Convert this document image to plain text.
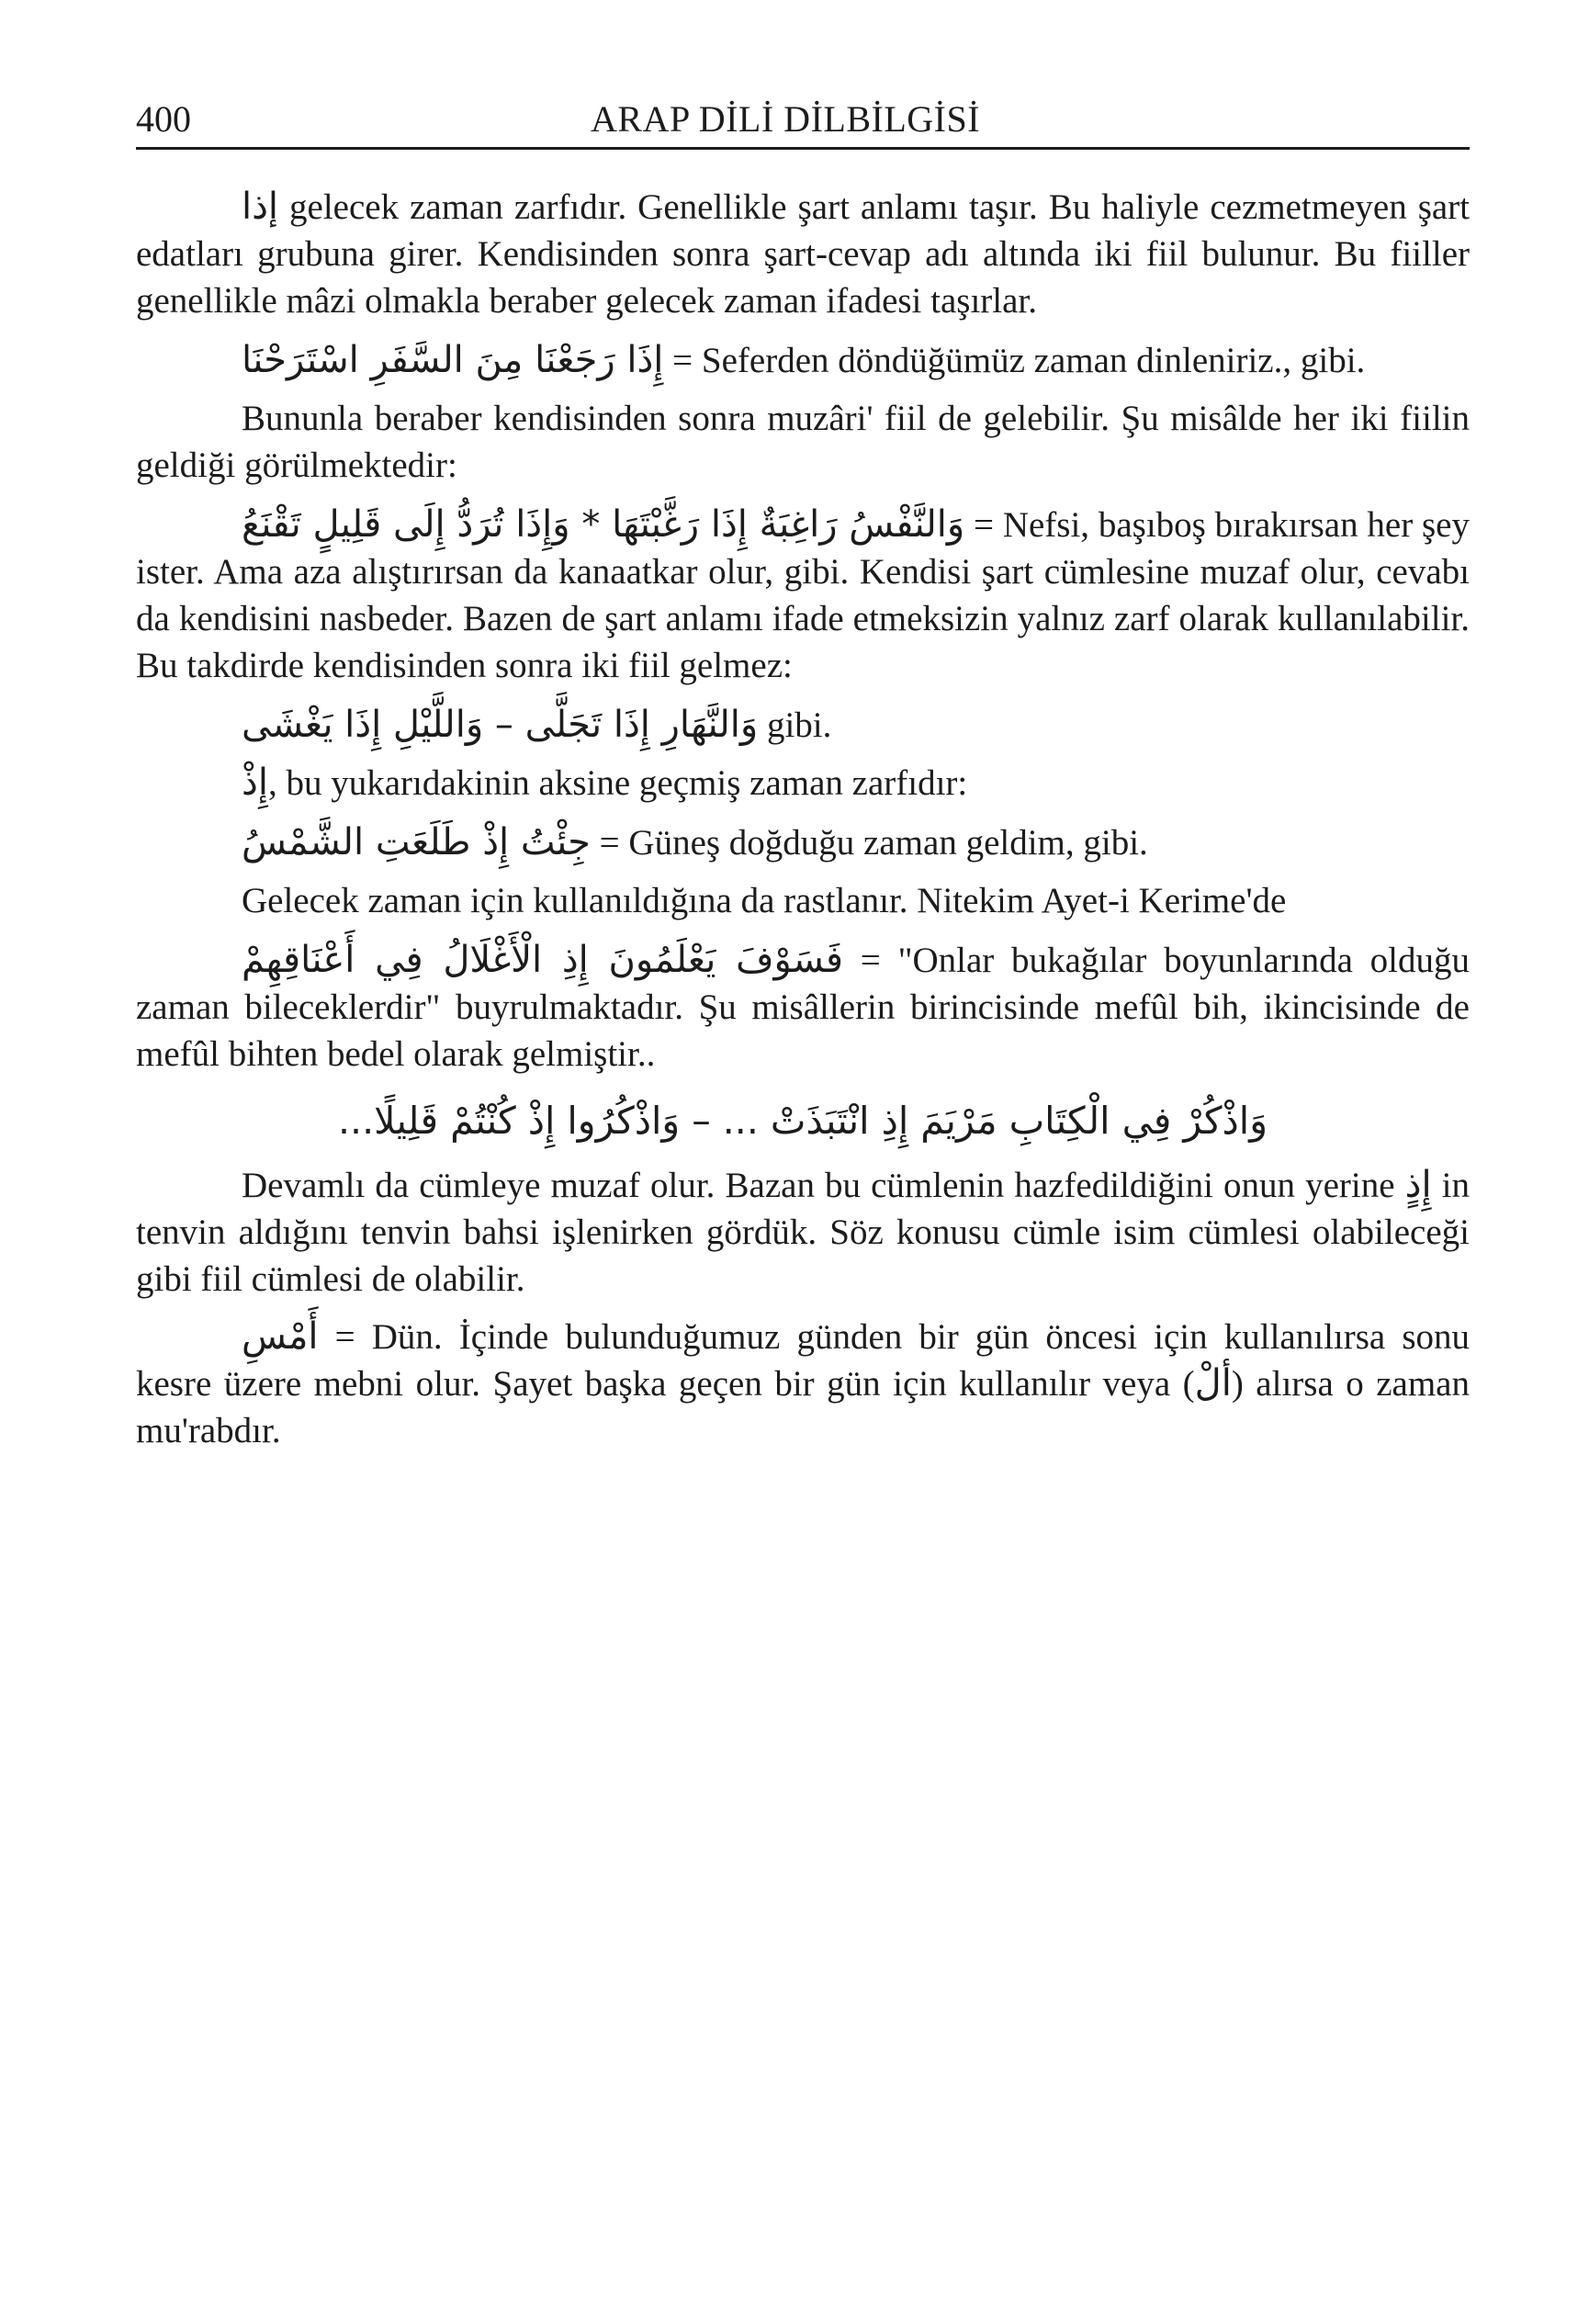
400	ARAP DİLİ DİLBİLGİSİ

إذا gelecek zaman zarfıdır. Genellikle şart anlamı taşır. Bu haliyle cezmetmeyen şart edatları grubuna girer. Kendisinden sonra şart-cevap adı altında iki fiil bulunur. Bu fiiller genellikle mâzi olmakla beraber gelecek zaman ifadesi taşırlar.

إِذَا رَجَعْنَا مِنَ السَّفَرِ اسْتَرَحْنَا = Seferden döndüğümüz zaman dinleniriz., gibi.

Bununla beraber kendisinden sonra muzâri' fiil de gelebilir. Şu misâlde her iki fiilin geldiği görülmektedir:

وَالنَّفْسُ رَاغِبَةٌ إِذَا رَغَّبْتَهَا * وَإِذَا تُرَدُّ إِلَى قَلِيلٍ تَقْنَعُ = Nefsi, başıboş bırakırsan her şey ister. Ama aza alıştırırsan da kanaatkar olur, gibi. Kendisi şart cümlesine muzaf olur, cevabı da kendisini nasbeder. Bazen de şart anlamı ifade etmeksizin yalnız zarf olarak kullanılabilir. Bu takdirde kendisinden sonra iki fiil gelmez:

وَالنَّهَارِ إِذَا تَجَلَّى – وَاللَّيْلِ إِذَا يَغْشَى gibi.

إِذْ, bu yukarıdakinin aksine geçmiş zaman zarfıdır:

جِئْتُ إِذْ طَلَعَتِ الشَّمْسُ = Güneş doğduğu zaman geldim, gibi.

Gelecek zaman için kullanıldığına da rastlanır. Nitekim Ayet-i Kerime'de

فَسَوْفَ يَعْلَمُونَ إِذِ الْأَغْلَالُ فِي أَعْنَاقِهِمْ = "Onlar bukağılar boyunlarında olduğu zaman bileceklerdir" buyrulmaktadır. Şu misâllerin birincisinde mefûl bih, ikincisinde de mefûl bihten bedel olarak gelmiştir..

وَاذْكُرْ فِي الْكِتَابِ مَرْيَمَ إِذِ انْتَبَذَتْ ... – وَاذْكُرُوا إِذْ كُنْتُمْ قَلِيلًا...

Devamlı da cümleye muzaf olur. Bazan bu cümlenin hazfedildiğini onun yerine إِذٍ in tenvin aldığını tenvin bahsi işlenirken gördük. Söz konusu cümle isim cümlesi olabileceği gibi fiil cümlesi de olabilir.

أَمْسِ = Dün. İçinde bulunduğumuz günden bir gün öncesi için kullanılırsa sonu kesre üzere mebni olur. Şayet başka geçen bir gün için kullanılır veya (ألْ) alırsa o zaman mu'rabdır.
